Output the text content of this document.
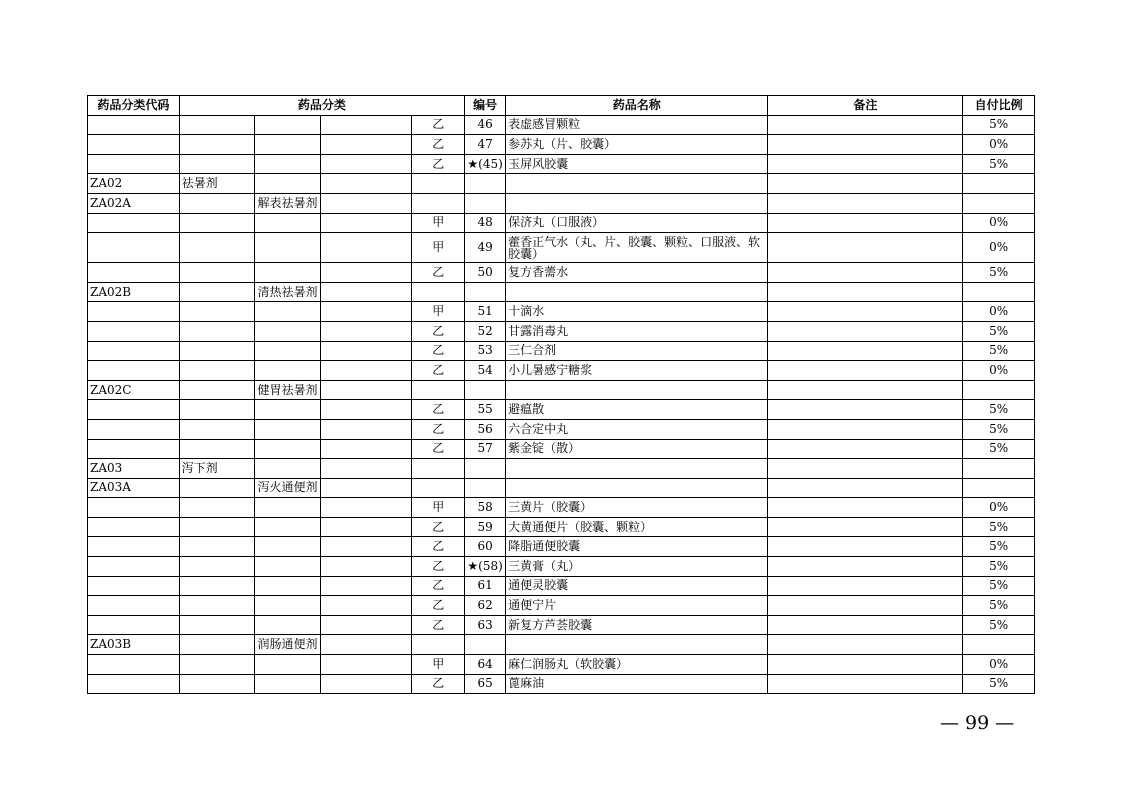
药品分类代码	药品分类				编号	药品名称	备注	自付比例
				乙	46	表虚感冒颗粒		5%
				乙	47	参苏丸（片、胶囊）		0%
				乙	★(45)	玉屏风胶囊		5%
ZA02	祛暑剂							
ZA02A		解表祛暑剂						
				甲	48	保济丸（口服液）		0%
				甲	49	藿香正气水（丸、片、胶囊、颗粒、口服液、软胶囊）		0%
				乙	50	复方香薷水		5%
ZA02B		清热祛暑剂						
				甲	51	十滴水		0%
				乙	52	甘露消毒丸		5%
				乙	53	三仁合剂		5%
				乙	54	小儿暑感宁糖浆		0%
ZA02C		健胃祛暑剂						
				乙	55	避瘟散		5%
				乙	56	六合定中丸		5%
				乙	57	紫金锭（散）		5%
ZA03	泻下剂							
ZA03A		泻火通便剂						
				甲	58	三黄片（胶囊）		0%
				乙	59	大黄通便片（胶囊、颗粒）		5%
				乙	60	降脂通便胶囊		5%
				乙	★(58)	三黄膏（丸）		5%
				乙	61	通便灵胶囊		5%
				乙	62	通便宁片		5%
				乙	63	新复方芦荟胶囊		5%
ZA03B		润肠通便剂						
				甲	64	麻仁润肠丸（软胶囊）		0%
				乙	65	蓖麻油		5%
— 99 —
